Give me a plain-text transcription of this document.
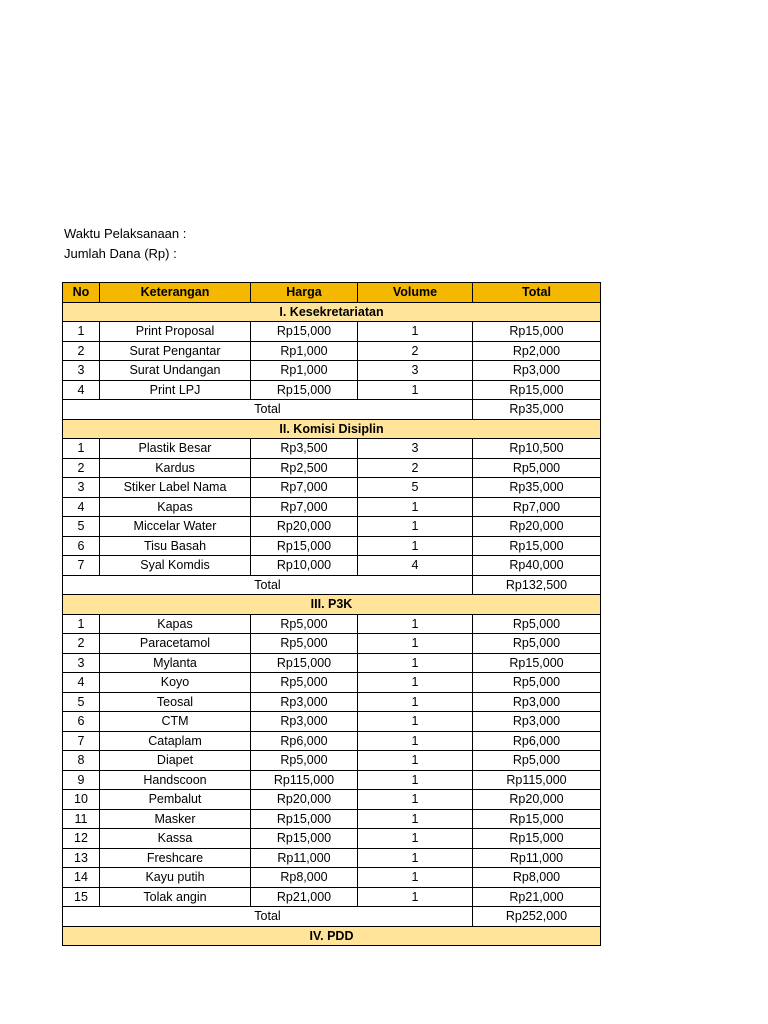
Waktu Pelaksanaan :
Jumlah Dana (Rp) :
No	Keterangan	Harga	Volume	Total
I. Kesekretariatan				
1	Print Proposal	Rp15,000	1	Rp15,000
2	Surat Pengantar	Rp1,000	2	Rp2,000
3	Surat Undangan	Rp1,000	3	Rp3,000
4	Print LPJ	Rp15,000	1	Rp15,000
Total				Rp35,000
II. Komisi Disiplin				
1	Plastik Besar	Rp3,500	3	Rp10,500
2	Kardus	Rp2,500	2	Rp5,000
3	Stiker Label Nama	Rp7,000	5	Rp35,000
4	Kapas	Rp7,000	1	Rp7,000
5	Miccelar Water	Rp20,000	1	Rp20,000
6	Tisu Basah	Rp15,000	1	Rp15,000
7	Syal Komdis	Rp10,000	4	Rp40,000
Total				Rp132,500
III. P3K				
1	Kapas	Rp5,000	1	Rp5,000
2	Paracetamol	Rp5,000	1	Rp5,000
3	Mylanta	Rp15,000	1	Rp15,000
4	Koyo	Rp5,000	1	Rp5,000
5	Teosal	Rp3,000	1	Rp3,000
6	CTM	Rp3,000	1	Rp3,000
7	Cataplam	Rp6,000	1	Rp6,000
8	Diapet	Rp5,000	1	Rp5,000
9	Handscoon	Rp115,000	1	Rp115,000
10	Pembalut	Rp20,000	1	Rp20,000
11	Masker	Rp15,000	1	Rp15,000
12	Kassa	Rp15,000	1	Rp15,000
13	Freshcare	Rp11,000	1	Rp11,000
14	Kayu putih	Rp8,000	1	Rp8,000
15	Tolak angin	Rp21,000	1	Rp21,000
Total				Rp252,000
IV. PDD				
